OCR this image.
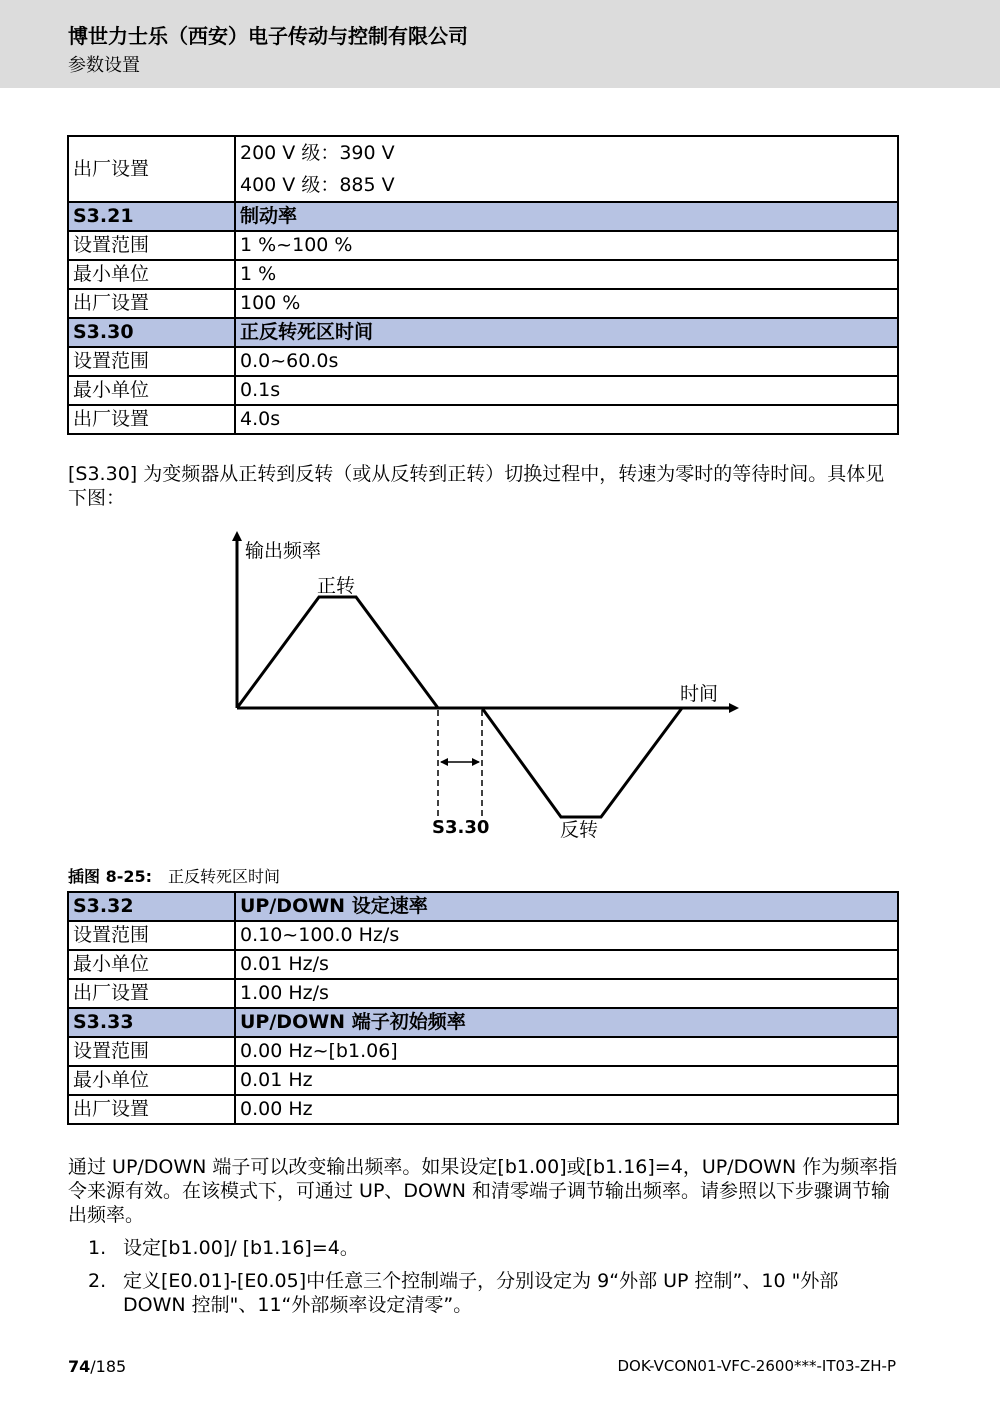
博世力士乐（西安）电子传动与控制有限公司
参数设置
出厂设置	200 V 级：390 V
400 V 级：885 V

S3.21	制动率
设置范围	1 %~100 %
最小单位	1 %
出厂设置	100 %
S3.30	正反转死区时间
设置范围	0.0~60.0s
最小单位	0.1s
出厂设置	4.0s
[S3.30] 为变频器从正转到反转（或从反转到正转）切换过程中，转速为零时的等待时间。具体见下图：
输出频率
时间
正转
反转
S3.30
插图 8-25: 正反转死区时间
S3.32	UP/DOWN 设定速率
设置范围	0.10~100.0 Hz/s
最小单位	0.01 Hz/s
出厂设置	1.00 Hz/s
S3.33	UP/DOWN 端子初始频率
设置范围	0.00 Hz~[b1.06]
最小单位	0.01 Hz
出厂设置	0.00 Hz
通过 UP/DOWN 端子可以改变输出频率。如果设定[b1.00]或[b1.16]=4，UP/DOWN 作为频率指令来源有效。在该模式下，可通过 UP、DOWN 和清零端子调节输出频率。请参照以下步骤调节输出频率。
1. 设定[b1.00]/ [b1.16]=4。
2. 定义[E0.01]-[E0.05]中任意三个控制端子，分别设定为 9“外部 UP 控制”、10 "外部 DOWN 控制"、11“外部频率设定清零”。
74/185	DOK-VCON01-VFC-2600***-IT03-ZH-P
